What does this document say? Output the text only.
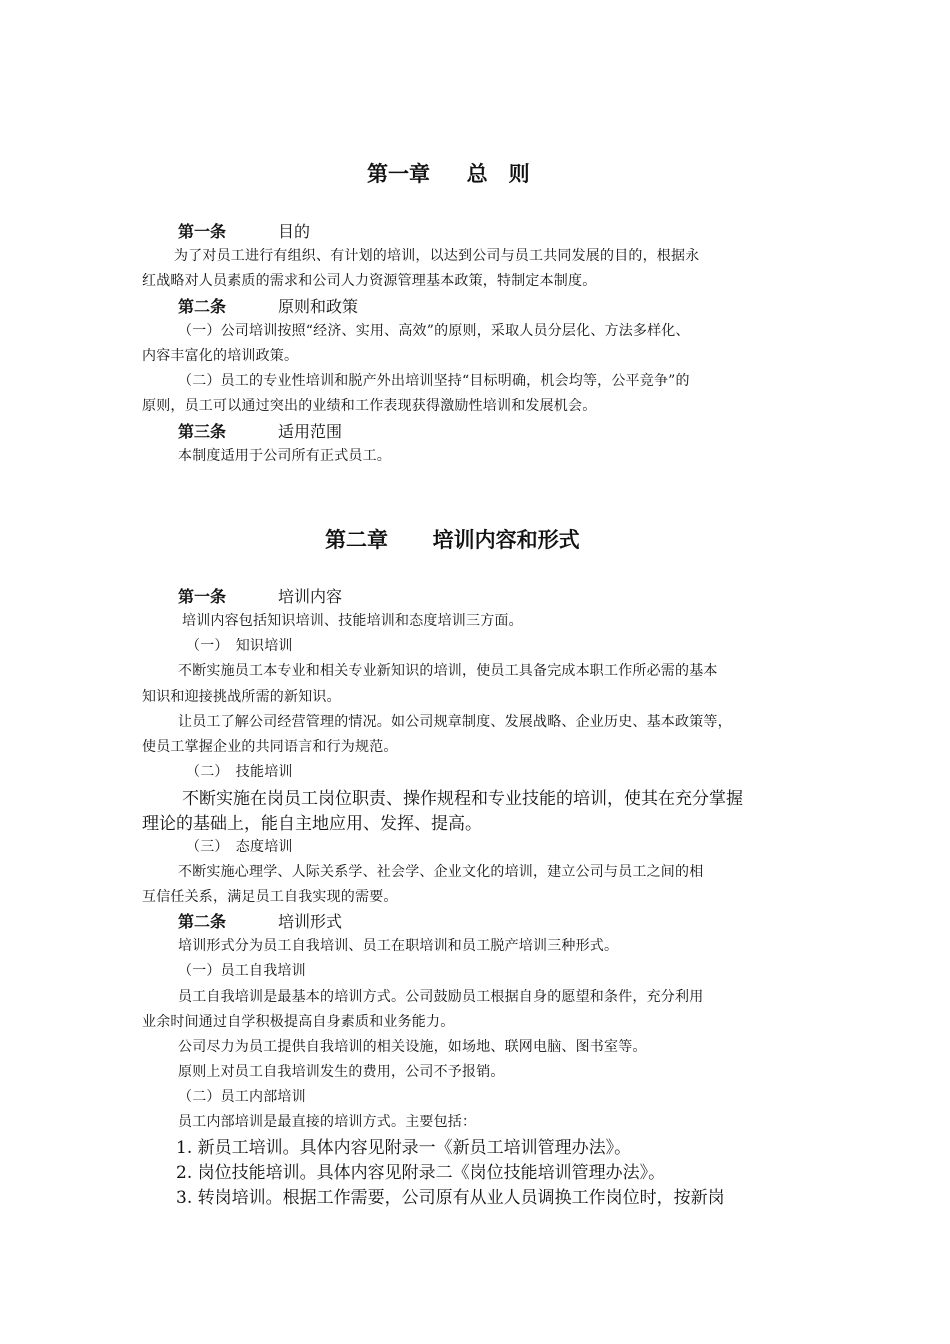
第一章 总　则
第一条	目的
为了对员工进行有组织、有计划的培训，以达到公司与员工共同发展的目的，根据永
红战略对人员素质的需求和公司人力资源管理基本政策，特制定本制度。
第二条	原则和政策
（一）公司培训按照“经济、实用、高效”的原则，采取人员分层化、方法多样化、
内容丰富化的培训政策。
（二）员工的专业性培训和脱产外出培训坚持“目标明确，机会均等，公平竞争”的
原则，员工可以通过突出的业绩和工作表现获得激励性培训和发展机会。
第三条	适用范围
本制度适用于公司所有正式员工。
第二章 培训内容和形式
第一条	培训内容
培训内容包括知识培训、技能培训和态度培训三方面。
（一）　知识培训
不断实施员工本专业和相关专业新知识的培训，使员工具备完成本职工作所必需的基本
知识和迎接挑战所需的新知识。
让员工了解公司经营管理的情况。如公司规章制度、发展战略、企业历史、基本政策等，
使员工掌握企业的共同语言和行为规范。
（二）　技能培训
不断实施在岗员工岗位职责、操作规程和专业技能的培训，使其在充分掌握
理论的基础上，能自主地应用、发挥、提高。
（三）　态度培训
不断实施心理学、人际关系学、社会学、企业文化的培训，建立公司与员工之间的相
互信任关系，满足员工自我实现的需要。
第二条	培训形式
培训形式分为员工自我培训、员工在职培训和员工脱产培训三种形式。
（一）员工自我培训
员工自我培训是最基本的培训方式。公司鼓励员工根据自身的愿望和条件，充分利用
业余时间通过自学积极提高自身素质和业务能力。
公司尽力为员工提供自我培训的相关设施，如场地、联网电脑、图书室等。
原则上对员工自我培训发生的费用，公司不予报销。
（二）员工内部培训
员工内部培训是最直接的培训方式。主要包括：
1. 新员工培训。具体内容见附录一《新员工培训管理办法》。
2. 岗位技能培训。具体内容见附录二《岗位技能培训管理办法》。
3. 转岗培训。根据工作需要，公司原有从业人员调换工作岗位时，按新岗
